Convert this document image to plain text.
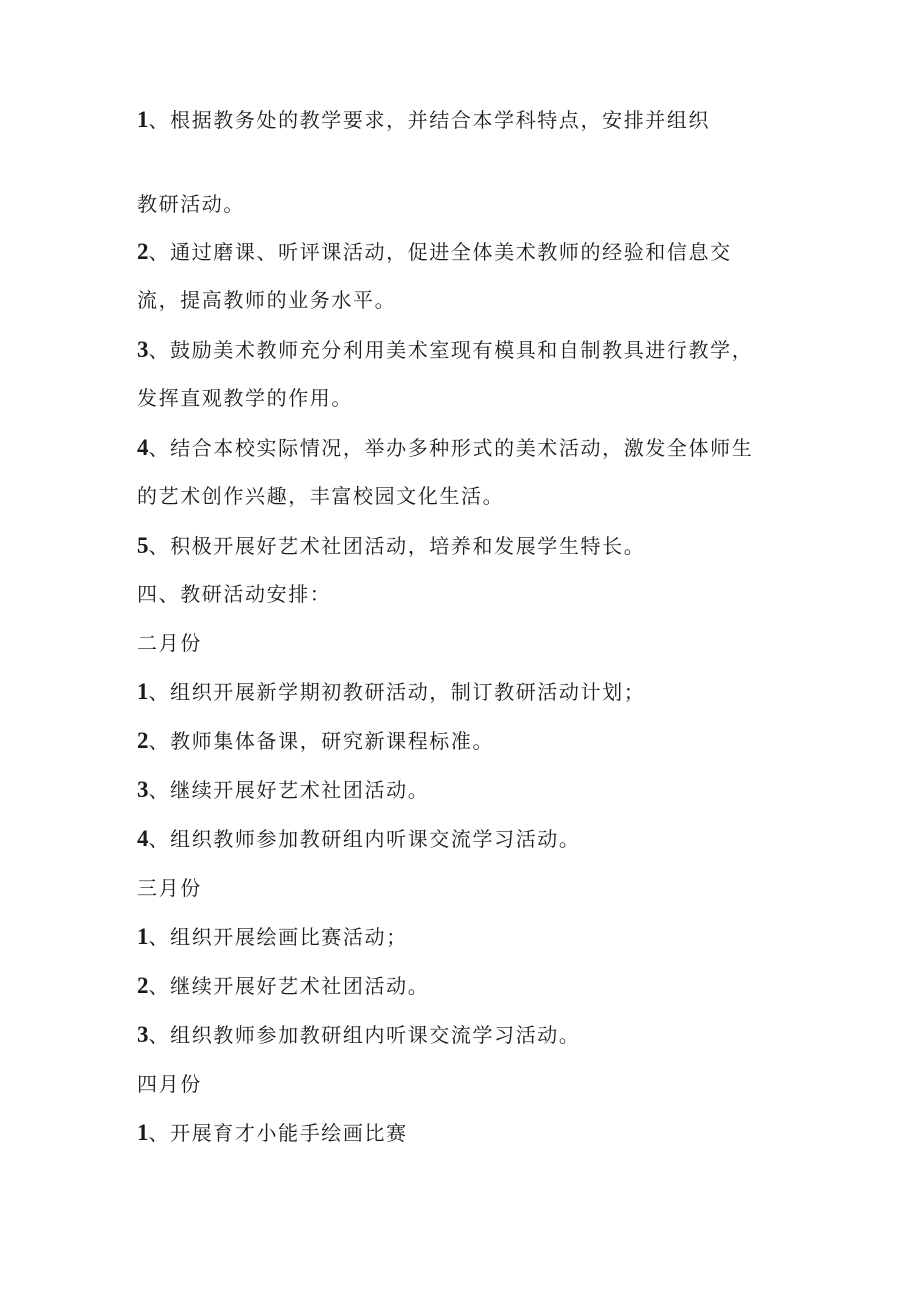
1、根据教务处的教学要求，并结合本学科特点，安排并组织
教研活动。
2、通过磨课、听评课活动，促进全体美术教师的经验和信息交
流，提高教师的业务水平。
3、鼓励美术教师充分利用美术室现有模具和自制教具进行教学，
发挥直观教学的作用。
4、结合本校实际情况，举办多种形式的美术活动，激发全体师生
的艺术创作兴趣，丰富校园文化生活。
5、积极开展好艺术社团活动，培养和发展学生特长。
四、教研活动安排：
二月份
1、组织开展新学期初教研活动，制订教研活动计划；
2、教师集体备课，研究新课程标准。
3、继续开展好艺术社团活动。
4、组织教师参加教研组内听课交流学习活动。
三月份
1、组织开展绘画比赛活动；
2、继续开展好艺术社团活动。
3、组织教师参加教研组内听课交流学习活动。
四月份
1、开展育才小能手绘画比赛
